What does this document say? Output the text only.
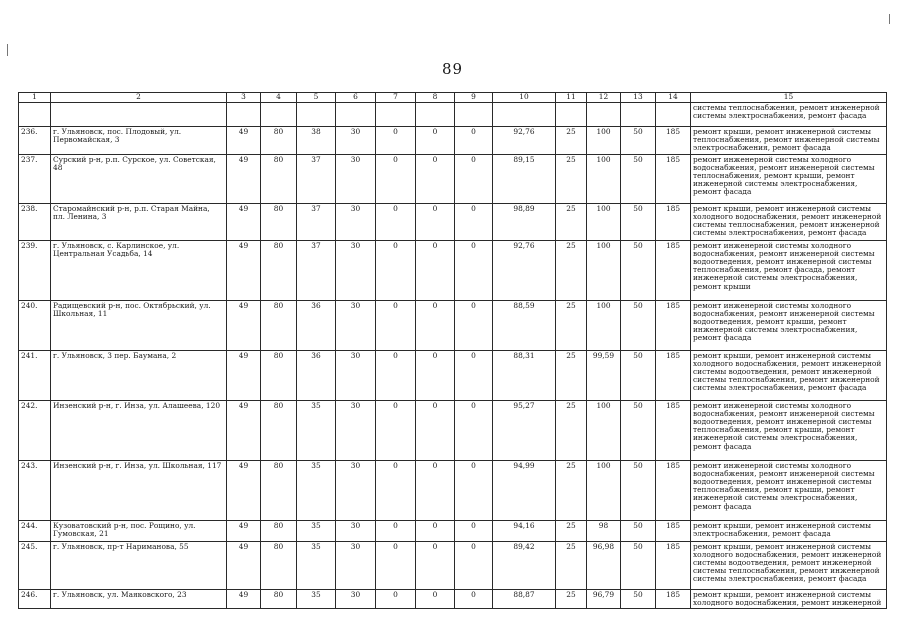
89
1	2	3	4	5	6	7	8	9	10	11	12	13	14	15
														системы теплоснабжения, ремонт инженерной системы электроснабжения, ремонт фасада
236.	г. Ульяновск, пос. Плодовый, ул. Первомайская, 3	49	80	38	30	0	0	0	92,76	25	100	50	185	ремонт крыши, ремонт инженерной системы теплоснабжения, ремонт инженерной системы электроснабжения, ремонт фасада
237.	Сурский р-н, р.п. Сурское, ул. Советская, 48	49	80	37	30	0	0	0	89,15	25	100	50	185	ремонт инженерной системы холодного водоснабжения, ремонт инженерной системы теплоснабжения, ремонт крыши, ремонт инженерной системы электроснабжения, ремонт фасада
238.	Старомайнский р-н, р.п. Старая Майна, пл. Ленина, 3	49	80	37	30	0	0	0	98,89	25	100	50	185	ремонт крыши, ремонт инженерной системы холодного водоснабжения, ремонт инженерной системы теплоснабжения, ремонт инженерной системы электроснабжения, ремонт фасада
239.	г. Ульяновск, с. Карлинское, ул. Центральная Усадьба, 14	49	80	37	30	0	0	0	92,76	25	100	50	185	ремонт инженерной системы холодного водоснабжения, ремонт инженерной системы водоотведения, ремонт инженерной системы теплоснабжения, ремонт фасада, ремонт инженерной системы электроснабжения, ремонт крыши
240.	Радищевский р-н, пос. Октябрьский, ул. Школьная, 11	49	80	36	30	0	0	0	88,59	25	100	50	185	ремонт инженерной системы холодного водоснабжения, ремонт инженерной системы водоотведения, ремонт крыши, ремонт инженерной системы электроснабжения, ремонт фасада
241.	г. Ульяновск, 3 пер. Баумана, 2	49	80	36	30	0	0	0	88,31	25	99,59	50	185	ремонт крыши, ремонт инженерной системы холодного водоснабжения, ремонт инженерной системы водоотведения, ремонт инженерной системы теплоснабжения, ремонт инженерной системы электроснабжения, ремонт фасада
242.	Инзенский р-н, г. Инза, ул. Алашеева, 120	49	80	35	30	0	0	0	95,27	25	100	50	185	ремонт инженерной системы холодного водоснабжения, ремонт инженерной системы водоотведения, ремонт инженерной системы теплоснабжения, ремонт крыши, ремонт инженерной системы электроснабжения, ремонт фасада
243.	Инзенский р-н, г. Инза, ул. Школьная, 117	49	80	35	30	0	0	0	94,99	25	100	50	185	ремонт инженерной системы холодного водоснабжения, ремонт инженерной системы водоотведения, ремонт инженерной системы теплоснабжения, ремонт крыши, ремонт инженерной системы электроснабжения, ремонт фасада
244.	Кузоватовский р-н, пос. Рощино, ул. Гумовская, 21	49	80	35	30	0	0	0	94,16	25	98	50	185	ремонт крыши, ремонт инженерной системы электроснабжения, ремонт фасада
245.	г. Ульяновск, пр-т Нариманова, 55	49	80	35	30	0	0	0	89,42	25	96,98	50	185	ремонт крыши, ремонт инженерной системы холодного водоснабжения, ремонт инженерной системы водоотведения, ремонт инженерной системы теплоснабжения, ремонт инженерной системы электроснабжения, ремонт фасада
246.	г. Ульяновск, ул. Маяковского, 23	49	80	35	30	0	0	0	88,87	25	96,79	50	185	ремонт крыши, ремонт инженерной системы холодного водоснабжения, ремонт инженерной
